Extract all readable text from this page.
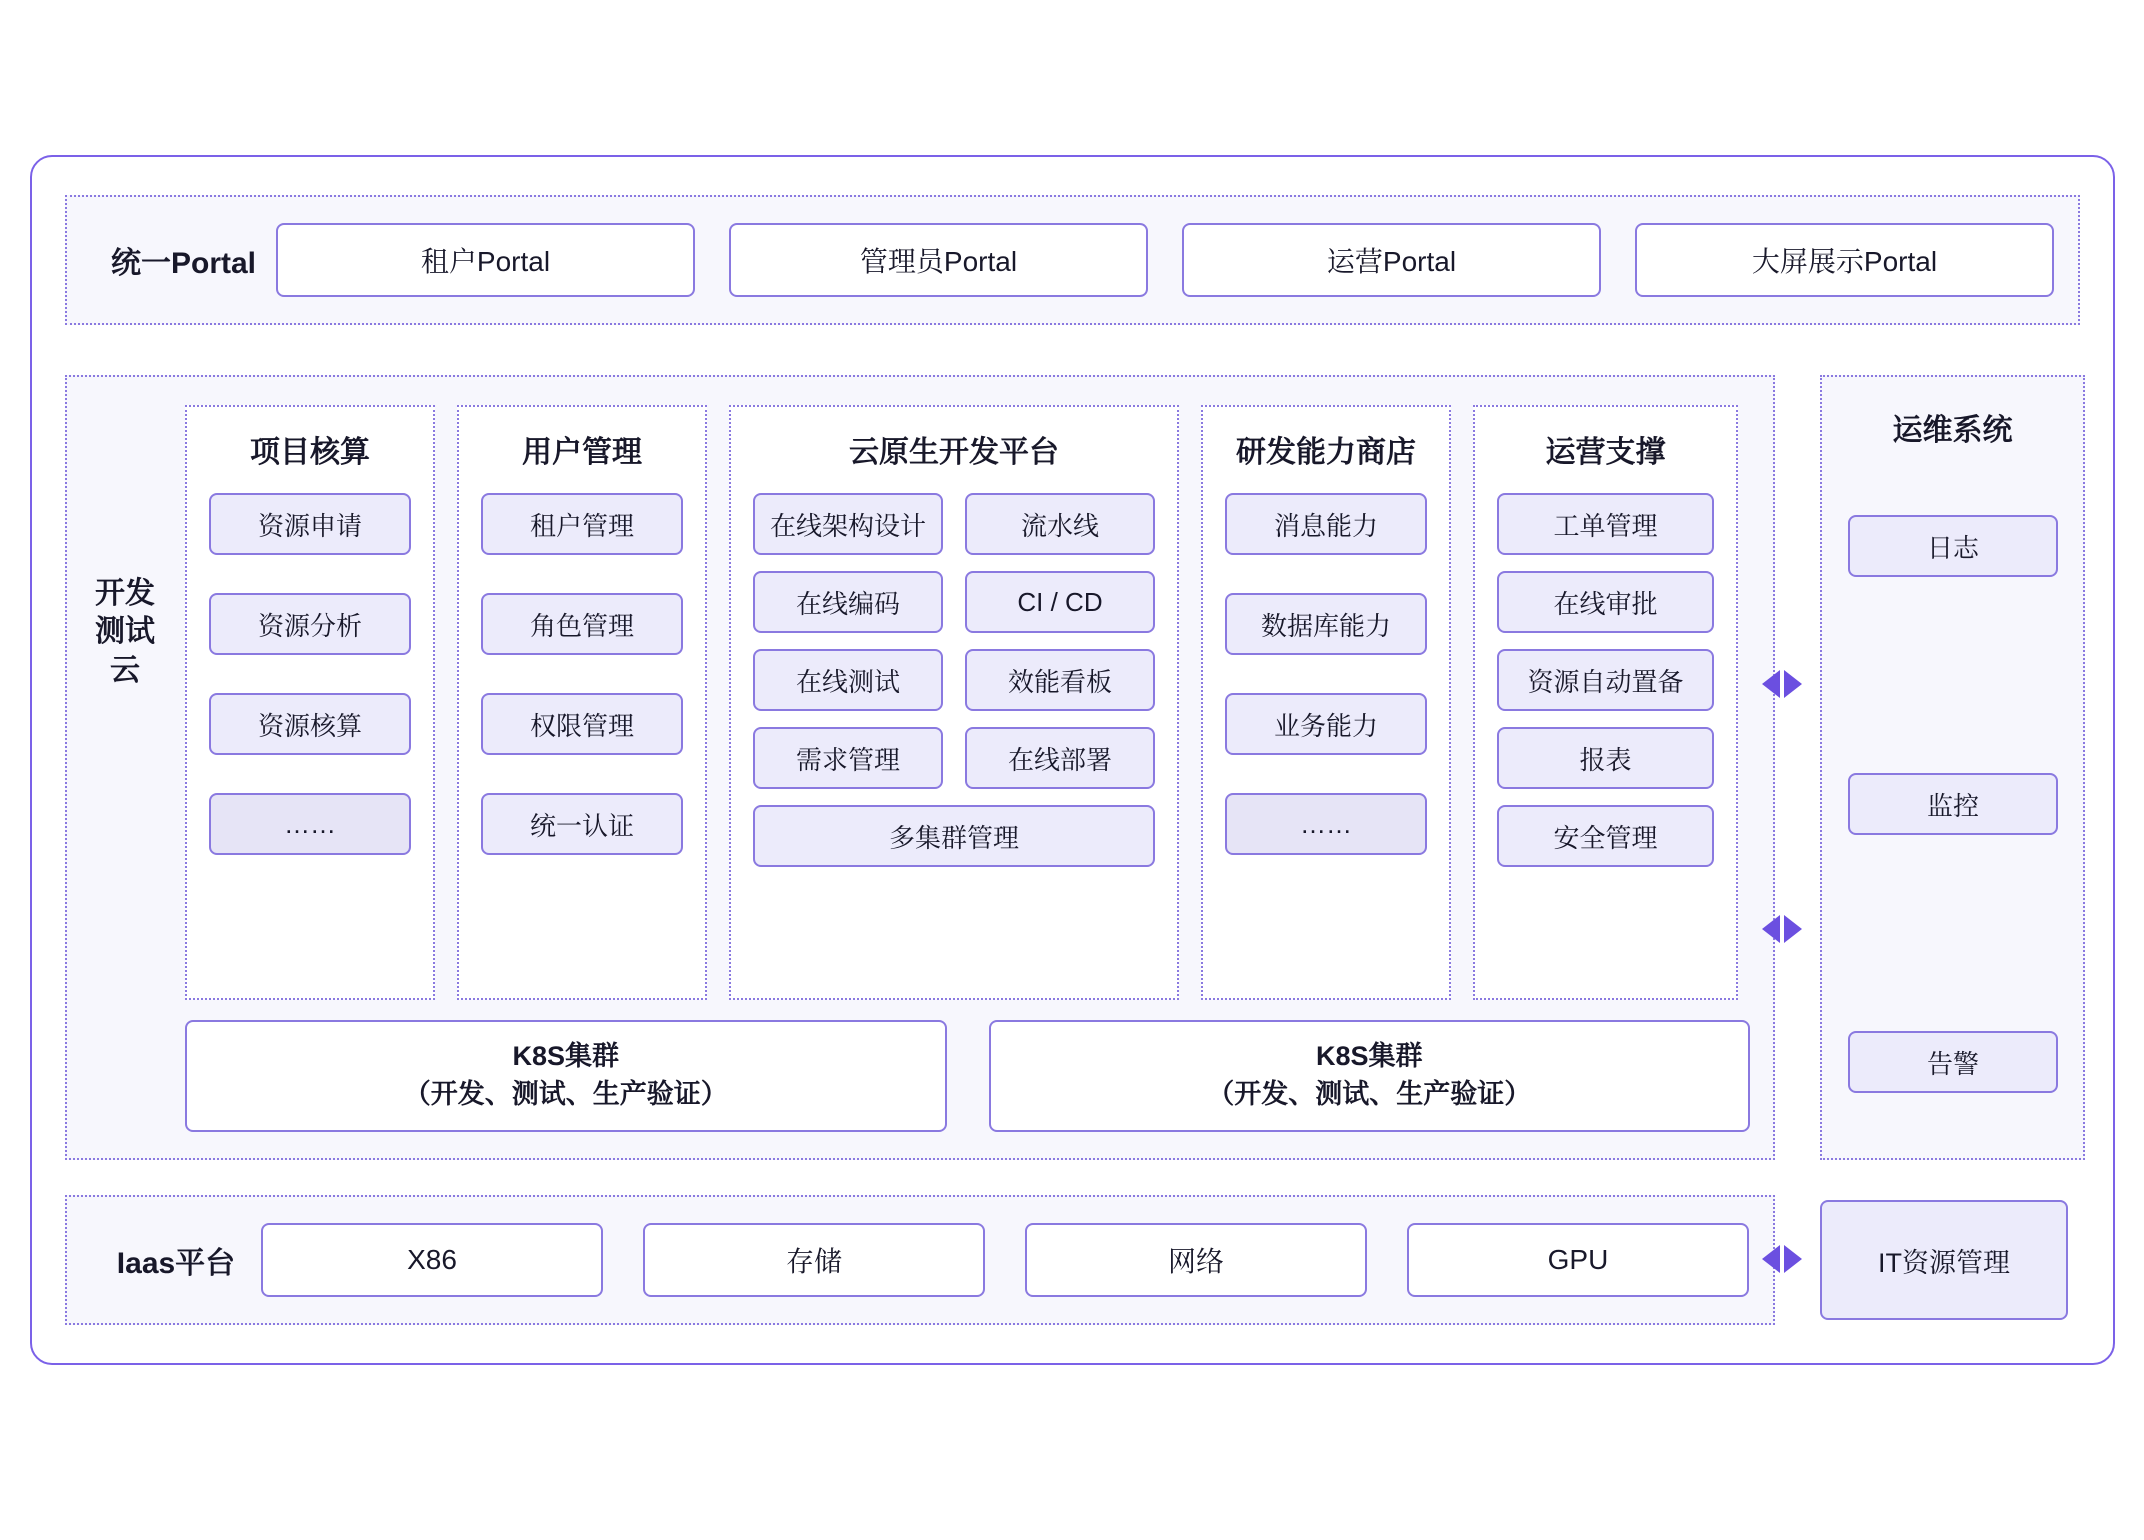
统一Portal	租户Portal	管理员Portal	运营Portal	大屏展示Portal
开发测试云
项目核算
资源申请
资源分析
资源核算
……
用户管理
租户管理
角色管理
权限管理
统一认证
云原生开发平台
在线架构设计	流水线
在线编码	CI / CD
在线测试	效能看板
需求管理	在线部署
多集群管理
研发能力商店
消息能力
数据库能力
业务能力
……
运营支撑
工单管理
在线审批
资源自动置备
报表
安全管理
K8S集群
（开发、测试、生产验证）
K8S集群
（开发、测试、生产验证）
运维系统
日志
监控
告警
Iaas平台	X86	存储	网络	GPU	IT资源管理
